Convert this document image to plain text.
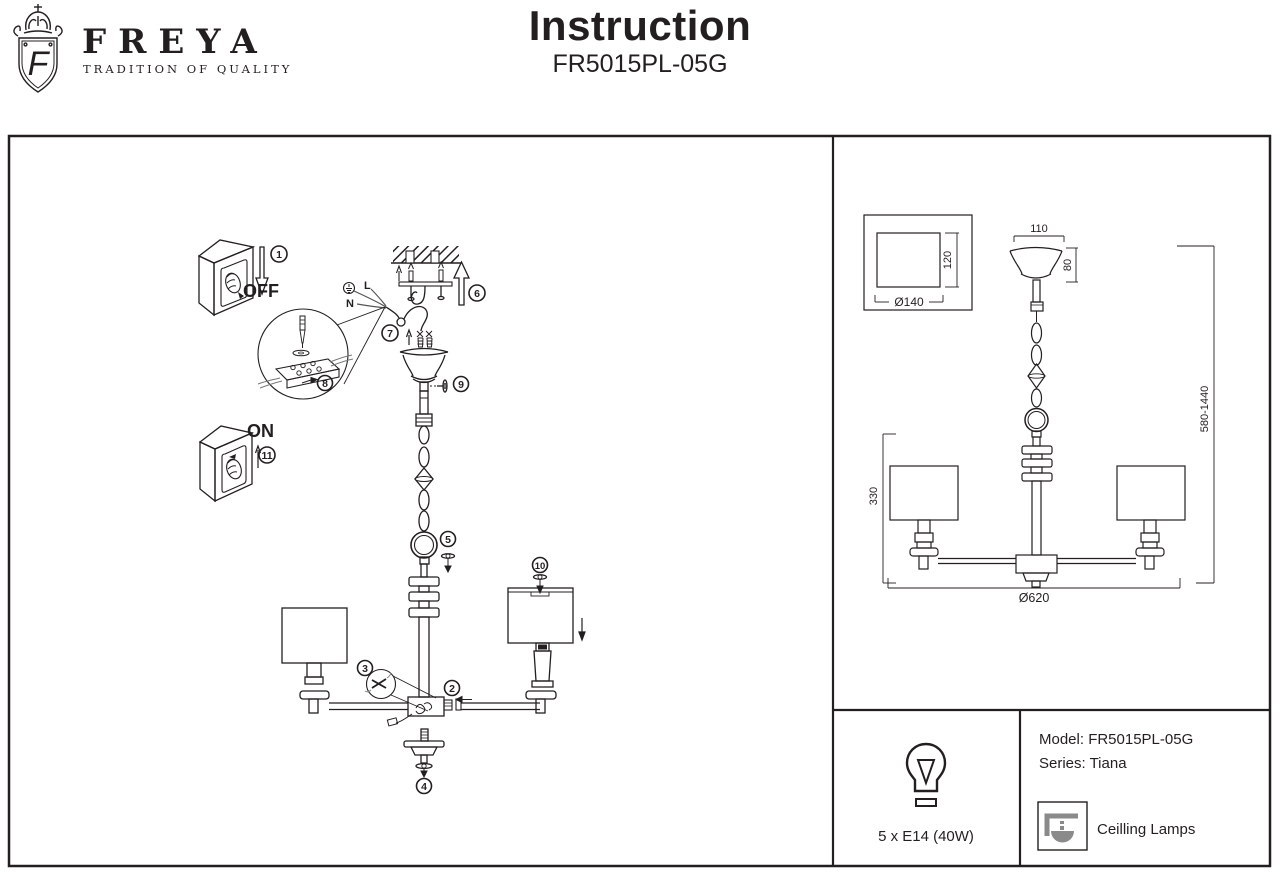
F
FREYA
TRADITION OF QUALITY
Instruction
FR5015PL-05G
1
2
3
4
5
6
7
8	9
10
11
OFF
ON
L
N
110
120	80
Ø140
330
580-1440
Ø620
5 x E14 (40W)
Model: FR5015PL-05G
Series: Tiana
Ceilling Lamps
